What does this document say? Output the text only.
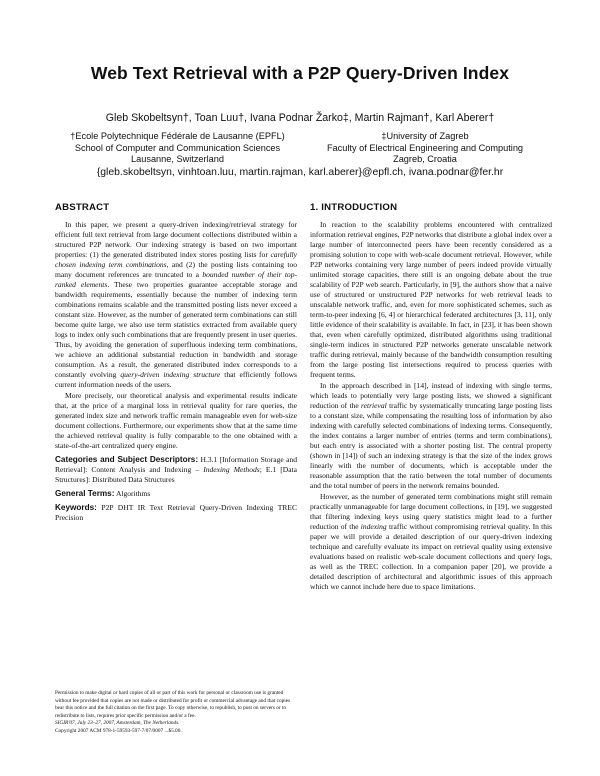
Web Text Retrieval with a P2P Query-Driven Index
Gleb Skobeltsyn†, Toan Luu†, Ivana Podnar Žarko‡, Martin Rajman†, Karl Aberer†
†Ecole Polytechnique Fédérale de Lausanne (EPFL)
School of Computer and Communication Sciences
Lausanne, Switzerland
‡University of Zagreb
Faculty of Electrical Engineering and Computing
Zagreb, Croatia
{gleb.skobeltsyn, vinhtoan.luu, martin.rajman, karl.aberer}@epfl.ch, ivana.podnar@fer.hr
ABSTRACT

In this paper, we present a query-driven indexing/retrieval strategy for efficient full text retrieval from large document collections distributed within a structured P2P network. Our indexing strategy is based on two important properties: (1) the generated distributed index stores posting lists for carefully chosen indexing term combinations, and (2) the posting lists containing too many document references are truncated to a bounded number of their top-ranked elements. These two properties guarantee acceptable storage and bandwidth requirements, essentially because the number of indexing term combinations remains scalable and the transmitted posting lists never exceed a constant size. However, as the number of generated term combinations can still become quite large, we also use term statistics extracted from available query logs to index only such combinations that are frequently present in user queries. Thus, by avoiding the generation of superfluous indexing term combinations, we achieve an additional substantial reduction in bandwidth and storage consumption. As a result, the generated distributed index corresponds to a constantly evolving query-driven indexing structure that efficiently follows current information needs of the users.

More precisely, our theoretical analysis and experimental results indicate that, at the price of a marginal loss in retrieval quality for rare queries, the generated index size and network traffic remain manageable even for web-size document collections. Furthermore, our experiments show that at the same time the achieved retrieval quality is fully comparable to the one obtained with a state-of-the-art centralized query engine.

Categories and Subject Descriptors: H.3.1 [Information Storage and Retrieval]: Content Analysis and Indexing – Indexing Methods; E.1 [Data Structures]: Distributed Data Structures

General Terms: Algorithms

Keywords: P2P DHT IR Text Retrieval Query-Driven Indexing TREC Precision

Permission to make digital or hard copies of all or part of this work for personal or classroom use is granted without fee provided that copies are not made or distributed for profit or commercial advantage and that copies bear this notice and the full citation on the first page. To copy otherwise, to republish, to post on servers or to redistribute to lists, requires prior specific permission and/or a fee.
SIGIR'07, July 23–27, 2007, Amsterdam, The Netherlands.
Copyright 2007 ACM 978-1-59593-597-7/07/0007 ...$5.00.
1. INTRODUCTION

In reaction to the scalability problems encountered with centralized information retrieval engines, P2P networks that distribute a global index over a large number of interconnected peers have been recently considered as a promising solution to cope with web-scale document retrieval. However, while P2P networks containing very large number of peers indeed provide virtually unlimited storage capacities, there still is an ongoing debate about the true scalability of P2P web search. Particularly, in [9], the authors show that a naive use of structured or unstructured P2P networks for web retrieval leads to unscalable network traffic, and, even for more sophisticated schemes, such as term-to-peer indexing [6, 4] or hierarchical federated architectures [3, 11], only little evidence of their scalability is available. In fact, in [23], it has been shown that, even when carefully optimized, distributed algorithms using traditional single-term indices in structured P2P networks generate unscalable network traffic during retrieval, mainly because of the bandwidth consumption resulting from the large posting list intersections required to process queries with frequent terms.

In the approach described in [14], instead of indexing with single terms, which leads to potentially very large posting lists, we showed a significant reduction of the retrieval traffic by systematically truncating large posting lists to a constant size, while compensating the resulting loss of information by also indexing with carefully selected combinations of indexing terms. Consequently, the index contains a larger number of entries (terms and term combinations), but each entry is associated with a shorter posting list. The central property (shown in [14]) of such an indexing strategy is that the size of the index grows linearly with the number of documents, which is acceptable under the reasonable assumption that the ratio between the total number of documents and the total number of peers in the network remains bounded.

However, as the number of generated term combinations might still remain practically unmanageable for large document collections, in [19], we suggested that filtering indexing keys using query statistics might lead to a further reduction of the indexing traffic without compromising retrieval quality. In this paper we will provide a detailed description of our query-driven indexing technique and carefully evaluate its impact on retrieval quality using extensive evaluations based on realistic web-scale document collections and query logs, as well as the TREC collection. In a companion paper [20], we provide a detailed description of architectural and algorithmic issues of this approach which we cannot include here due to space limitations.
